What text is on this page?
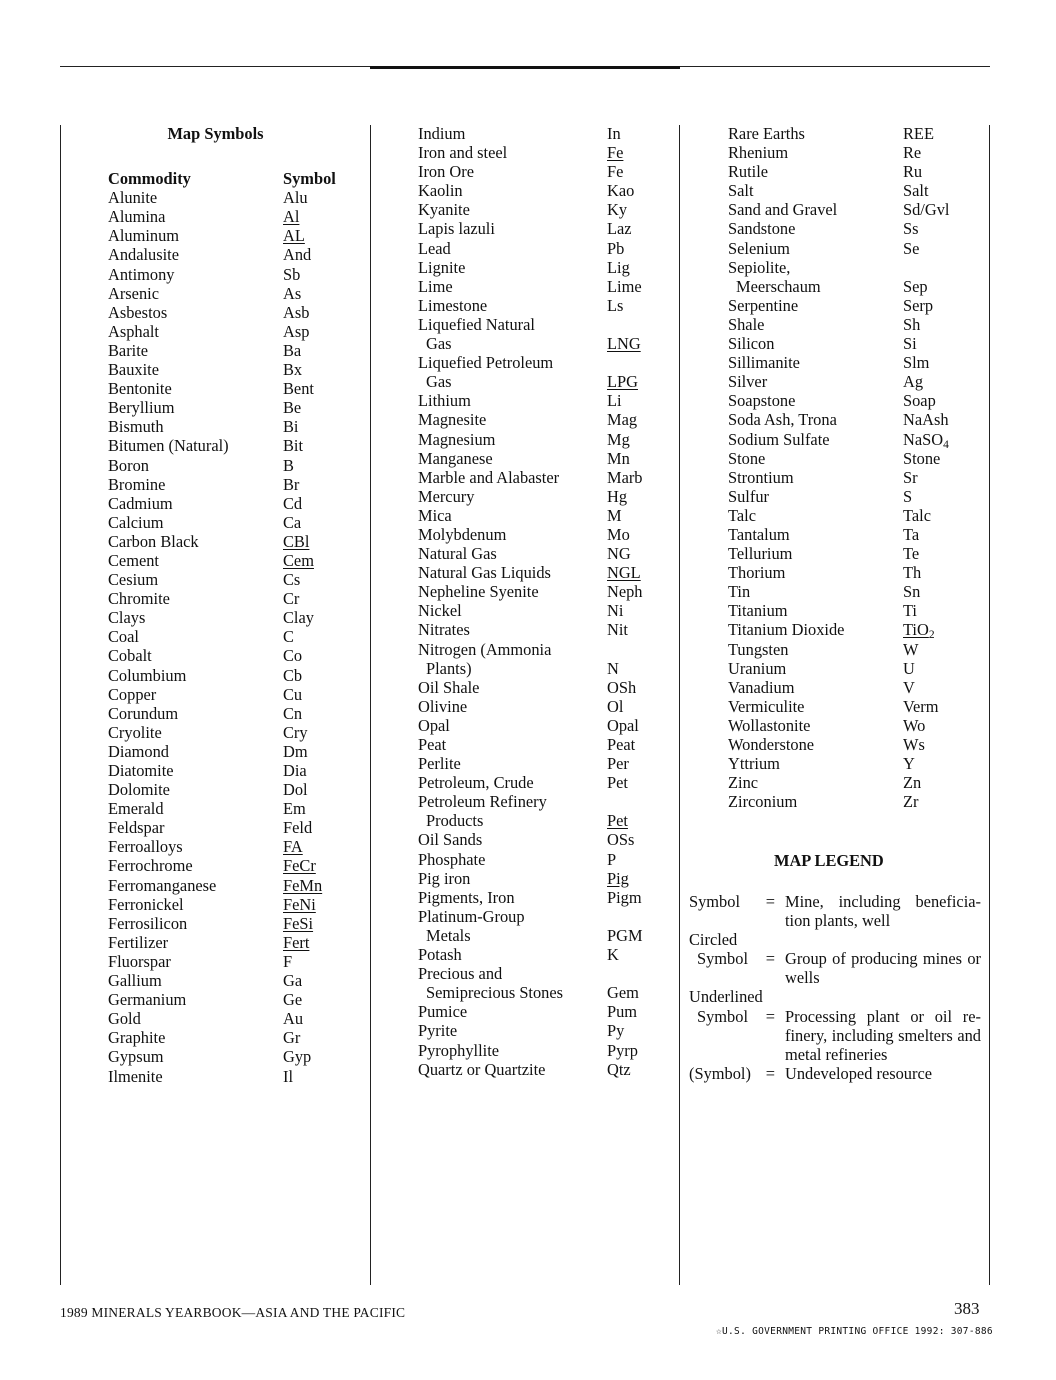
Map Symbols
Commodity	Symbol
Alunite	Alu
Alumina	Al
Aluminum	AL
Andalusite	And
Antimony	Sb
Arsenic	As
Asbestos	Asb
Asphalt	Asp
Barite	Ba
Bauxite	Bx
Bentonite	Bent
Beryllium	Be
Bismuth	Bi
Bitumen (Natural)	Bit
Boron	B
Bromine	Br
Cadmium	Cd
Calcium	Ca
Carbon Black	CBl
Cement	Cem
Cesium	Cs
Chromite	Cr
Clays	Clay
Coal	C
Cobalt	Co
Columbium	Cb
Copper	Cu
Corundum	Cn
Cryolite	Cry
Diamond	Dm
Diatomite	Dia
Dolomite	Dol
Emerald	Em
Feldspar	Feld
Ferroalloys	FA
Ferrochrome	FeCr
Ferromanganese	FeMn
Ferronickel	FeNi
Ferrosilicon	FeSi
Fertilizer	Fert
Fluorspar	F
Gallium	Ga
Germanium	Ge
Gold	Au
Graphite	Gr
Gypsum	Gyp
Ilmenite	Il
Indium	In
Iron and steel	Fe
Iron Ore	Fe
Kaolin	Kao
Kyanite	Ky
Lapis lazuli	Laz
Lead	Pb
Lignite	Lig
Lime	Lime
Limestone	Ls
Liquefied Natural
Gas	LNG
Liquefied Petroleum
Gas	LPG
Lithium	Li
Magnesite	Mag
Magnesium	Mg
Manganese	Mn
Marble and Alabaster	Marb
Mercury	Hg
Mica	M
Molybdenum	Mo
Natural Gas	NG
Natural Gas Liquids	NGL
Nepheline Syenite	Neph
Nickel	Ni
Nitrates	Nit
Nitrogen (Ammonia
Plants)	N
Oil Shale	OSh
Olivine	Ol
Opal	Opal
Peat	Peat
Perlite	Per
Petroleum, Crude	Pet
Petroleum Refinery
Products	Pet
Oil Sands	OSs
Phosphate	P
Pig iron	Pig
Pigments, Iron	Pigm
Platinum-Group
Metals	PGM
Potash	K
Precious and
Semiprecious Stones	Gem
Pumice	Pum
Pyrite	Py
Pyrophyllite	Pyrp
Quartz or Quartzite	Qtz
Rare Earths	REE
Rhenium	Re
Rutile	Ru
Salt	Salt
Sand and Gravel	Sd/Gvl
Sandstone	Ss
Selenium	Se
Sepiolite,
Meerschaum	Sep
Serpentine	Serp
Shale	Sh
Silicon	Si
Sillimanite	Slm
Silver	Ag
Soapstone	Soap
Soda Ash, Trona	NaAsh
Sodium Sulfate	NaSO$_4$
Stone	Stone
Strontium	Sr
Sulfur	S
Talc	Talc
Tantalum	Ta
Tellurium	Te
Thorium	Th
Tin	Sn
Titanium	Ti
Titanium Dioxide	TiO$_2$
Tungsten	W
Uranium	U
Vanadium	V
Vermiculite	Verm
Wollastonite	Wo
Wonderstone	Ws
Yttrium	Y
Zinc	Zn
Zirconium	Zr
MAP LEGEND
Symbol = Mine, including beneficia- tion plants, well
Circled
Symbol = Group of producing mines or wells
Underlined
Symbol = Processing plant or oil re- finery, including smelters and metal refineries
(Symbol) = Undeveloped resource
1989 MINERALS YEARBOOK—ASIA AND THE PACIFIC	383
☆U.S. GOVERNMENT PRINTING OFFICE 1992: 307-886
